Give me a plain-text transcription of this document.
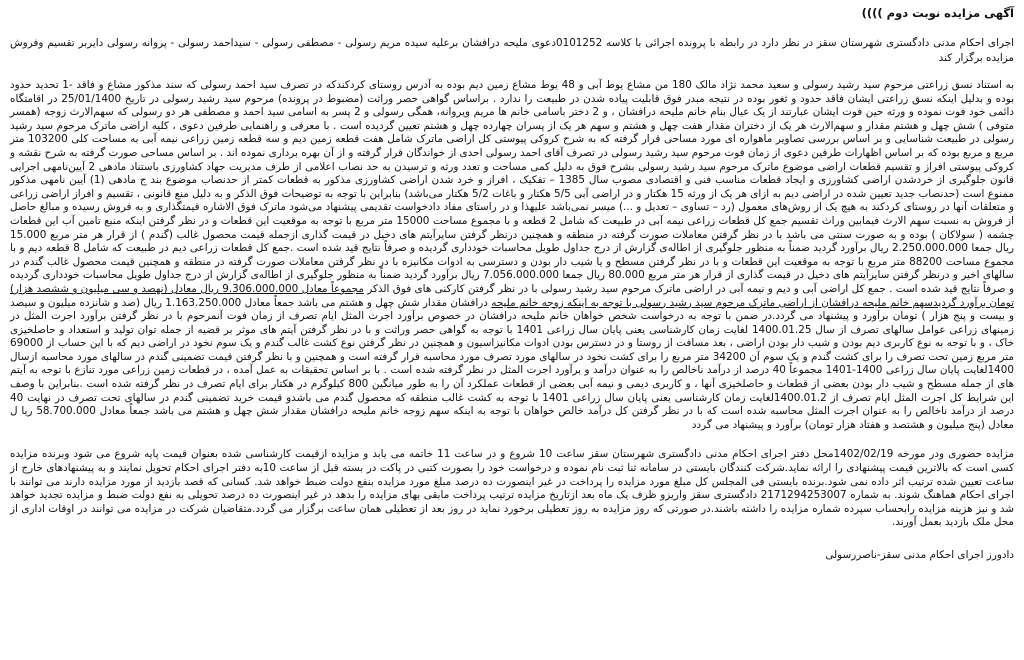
آگهی مزایده نوبت دوم ))))

اجرای احکام مدنی دادگستری شهرستان سقز در نظر دارد در رابطه با پرونده اجرائی با کلاسه 0101252دعوی ملیحه درافشان برعلیه سیده مریم رسولی - مصطفی رسولی - سیداحمد رسولی - پروانه رسولی دایربر تقسیم وفروش مزایده برگزار کند

به استناد نسق زراعتی مرحوم سید رشید رسولی و سعید محمد نژاد مالک 180 من مشاع یوط آبی و 48 یوط مشاع زمین دیم بوده به آدرس روستای کردکندکه در تصرف سید احمد رسولی که سند مذکور مشاع و فاقد -1 تحدید حدود بوده و بدلیل اینکه نسق زراعتی ایشان فاقد حدود و ثغور بوده در نتیجه مبدر فوق قابلیت پیاده شدن در طبیعت را ندارد . براساس گواهی حصر وراثت (مضبوط در پرونده) مرحوم سید رشید رسولی در تاریخ 25/01/1400 در اقامتگاه دائمی خود فوت نموده و ورثه حین فوت ایشان عبارتند از یک عیال بنام خانم ملیحه درافشان ، و 2 دختر باسامی خانم ها مریم ویروانه، همگی رسولی و 2 پسر به اسامی سید احمد و مصطفی هر دو رسولی که سهم‌الارث زوجه (همسر متوفی ) شش چهل و هشتم مقدار و سهم‌الارث هر یک از دختران مقدار هفت چهل و هشتم و سهم هر یک از پسران چهارده چهل و هشتم تعیین گردیده است . با معرفی و راهنمایی طرفین دعوی ، کلیه اراضی ماترک مرحوم سید رشید رسولی در طبیعت شناسایی و بر اساس بررسی تصاویر ماهواره ای مورد مساحی قرار گرفته که به شرح کروکی پیوستی کل اراضی ماترک شامل هفت قطعه زمین دیم و سه قطعه زمین زراعی نیمه آبی به مساحت کلی 103200 متر مربع و مربع بوده که بر اساس اظهارات طرفین دعوی از زمان فوت مرحوم سید رشید رسولی در تصرف آقای احمد رسولی احدی از خواندگان قرار گرفته و از آن بهره برداری نموده اند . بر اساس مساحی صورت گرفته به شرح نقشه و کروکی پیوستی افراز و تقسیم قطعات اراضی موضوع ماترک مرحوم سید رشید رسولی بشرح فوق به دلیل کمی مساحت و تعدد ورثه و ترسیدن به حد نصاب اعلامی از طرف مدیریت جهاد کشاورزی باستناد مادهی 2 آیین‌نامهی اجرایی قانون جلوگیری از خردشدن اراضی کشاورزی و ایجاد قطعات مناسب فنی و اقتصادی مصوب سال 1385 – تفکیک ، افراز و خرد شدن اراضی کشاورزی مذکور به قطعات کمتر از حدنصاب موضوع بند ج مادهی (1) آیین نامهی مذکور ممنوع است (حدنصاب جدید تعیین شده در اراضی دیم به ازای هر یک از ورثه 15 هکتار و در اراضی آبی 5/5 هکتار و باغات 5/2 هکتار می‌باشد) بنابراین با توجه به توضیحات فوق الذکر و به دلیل منع قانونی ، تقسیم و افراز اراضی زراعی و متعلقات آنها در روستای کردکند به هیچ یک از روش‌های معمول (رد – تساوی – تعدیل و ...) میسر نمی‌باشد علیهذا و در راستای مفاد دادخواست تقدیمی پیشنهاد می‌شود ماترک فوق الاشاره قیمتگذاری و به فروش رسیده و مبالغ حاصل از فروش به نسبت سهم الارث فیمابین وراث تقسیم جمع کل قطعات زراعی نیمه آبی در طبیعت که شامل 2 قطعه و با مجموع مساحت 15000 متر مربع با توجه به موقعیت این قطعات و در نظر گرفتن اینکه منبع تامین آب این قطعات چشمه ( سولاکان ) بوده و به صورت سنتی می باشد با در نظر گرفتن معاملات صورت گرفته در منطقه و همچنین درنظر گرفتن سایرآیتم های دخیل در قیمت گذاری ازجمله قیمت محصول غالب (گندم ) از قرار هر متر مربع 15.000 ریال جمعا 2.250.000.000 ریال برآورد گردید ضمناً به منظور جلوگیری از اطاله‌ی گزارش از درج جداول طویل محاسبات خودداری گردیده و صرفاً نتایج قید شده است .جمع کل قطعات زراعی دیم در طبیعت که شامل 8 قطعه دیم و با مجموع مساحت 88200 متر مربع با توجه به موقعیت این قطعات و با در نظر گرفتن مسطح و یا شیب دار بودن و دسترسی به ادوات مکانیزه با در نظر گرفتن معاملات صورت گرفته در منطقه و همچنین قیمت محصول غالب گندم در سالهای اخیر و درنظر گرفتن سایرآیتم های دخیل در قیمت گذاری از قرار هر متر مربع 80.000 ریال جمعا 7.056.000.000 ریال برآورد گردید ضمناً به منظور جلوگیری از اطاله‌ی گزارش از درج جداول طویل محاسبات خودداری گردیده و صرفاً نتایج قید شده است . جمع کل اراضی آبی و دیم و نیمه آبی در اراضی ماترک مرحوم سید رشید رسولی با در نظر گرفتن کارکنی های فوق الذکر مجموعاً معادل 9.306.000.000 ریال معادل (نهصد و سی میلیون و ششصد هزار) تومان برآورد گردیدسهم خانم ملیحه درافشان از اراضی ماترک مرحوم سید رشید رسولی با توجه به اینکه زوجه خانم ملیحه درافشان مقدار شش چهل و هشتم می باشد جمعاً معادل 1.163.250.000 ریال (صد و شانزده میلیون و سیصد و بیست و پنج هزار ) تومان برآورد و پیشنهاد می گردد.در ضمن با توجه به درخواست شخص خواهان خانم ملیحه درافشان در خصوص برآورد اجرت المثل ایام تصرف از زمان فوت آنمرحوم با در نظر گرفتن برآورد اجرت المثل در زمینهای زراعی عوامل سالهای تصرف از سال 1400.01.25 لغایت زمان کارشناسی یعنی پایان سال زراعی 1401 با توجه به گواهی حصر وراثت و با در نظر گرفتن آیتم های موثر بر قضیه از جمله توان تولید و استعداد و حاصلخیزی خاک ، و با توجه به نوع کاربری دیم بودن و شیب دار بودن اراضی ، بعد مسافت از روستا و در دسترس بودن ادوات مکانیزاسیون و همچنین در نظر گرفتن نوع کشت غالب گندم و یک سوم نخود در اراضی دیم که با این حساب از 69000 متر مربع زمین تحت تصرف را برای کشت گندم و یک سوم آن 34200 متر مربع را برای کشت نخود در سالهای مورد تصرف مورد محاسبه قرار گرفته است و همچنین و با نظر گرفتن قیمت تضمینی گندم در سالهای مورد محاسبه ازسال 1400لغایت پایان سال زراعی 1400-1401 مجموعاً 40 درصد از درآمد ناخالص را به عنوان درآمد و برآورد اجرت المثل در نظر گرفته شده است . با بر اساس تحقیقات به عمل آمده ، در قطعات زمین زراعی مورد تنازع با توجه به آیتم های از جمله مسطح و شیب دار بودن بعضی از قطعات و حاصلخیزی آنها ، و کاربری دیمی و نیمه آبی بعضی از قطعات عملکرد آن را به طور میانگین 800 کیلوگرم در هکتار برای ایام تصرف در نظر گرفته شده است .بنابراین با وصف این شرایط کل اجرت المثل ایام تصرف از 1400.01.2لغایت زمان کارشناسی یعنی پایان سال زراعی 1401 با توجه به کشت غالب منطقه که محصول گندم می باشدو قیمت خرید تضمینی گندم در سالهای تحت تصرف در نهایت 40 درصد از درآمد ناخالص را به عنوان اجرت المثل محاسبه شده است که با در نظر گرفتن کل درآمد خالص خواهان با توجه به اینکه سهم زوجه خانم ملیحه درافشان مقدار شش چهل و هشتم می باشد جمعاً معادل 58.700.000 ریا ل معادل (پنج میلیون و هشتصد و هفتاد هزار تومان) برآورد و پیشنهاد می گردد

مزایده حضوری ودر مورخه 1402/02/19محل دفتر اجرای احکام مدنی دادگستری شهرستان سقز ساعت 10 شروع و در ساعت 11 خاتمه می یابد و مزایده ازقیمت کارشناسی شده بعنوان قیمت پایه شروع می شود وبرنده مزایده کسی است که بالاترین قیمت پیشنهادی را ارائه نماید.شرکت کنندگان بایستی در سامانه ثنا ثبت نام نموده و درخواست خود را بصورت کتبی در پاکت در بسته قبل از ساعت 10به دفتر اجرای احکام تحویل نمایند و به پیشنهادهای خارج از ساعت تعیین شده ترتیب اثر داده نمی شود.برنده بایستی فی المجلس کل مبلغ مورد مزایده را پرداخت در غیر اینصورت ده درصد مبلغ مورد مزایده بنفع دولت ضبط خواهد شد. کسانی که قصد بازدید از مورد مزایده دارند می توانند با اجرای احکام هماهنگ شوند. به شماره 2171294253007 دادگستری سقز واریزو ظرف یک ماه بعد ازتاریخ مزایده ترتیب پرداخت مابقی بهای مزایده را بدهد در غیر اینصورت ده درصد تحویلی به نفع دولت ضبط و مزایده تجدید خواهد شد و نیز هزینه مزایده رابحساب سپرده شماره مزایده را داشته باشند.در صورتی که روز مزایده به روز تعطیلی برخورد نماید در روز بعد از تعطیلی همان ساعت برگزار می گردد.متقاضیان شرکت در مزایده می توانند در اوقات اداری از محل ملک بازدید بعمل آورند.

دادورز اجرای احکام مدنی سقز-ناصررسولی
